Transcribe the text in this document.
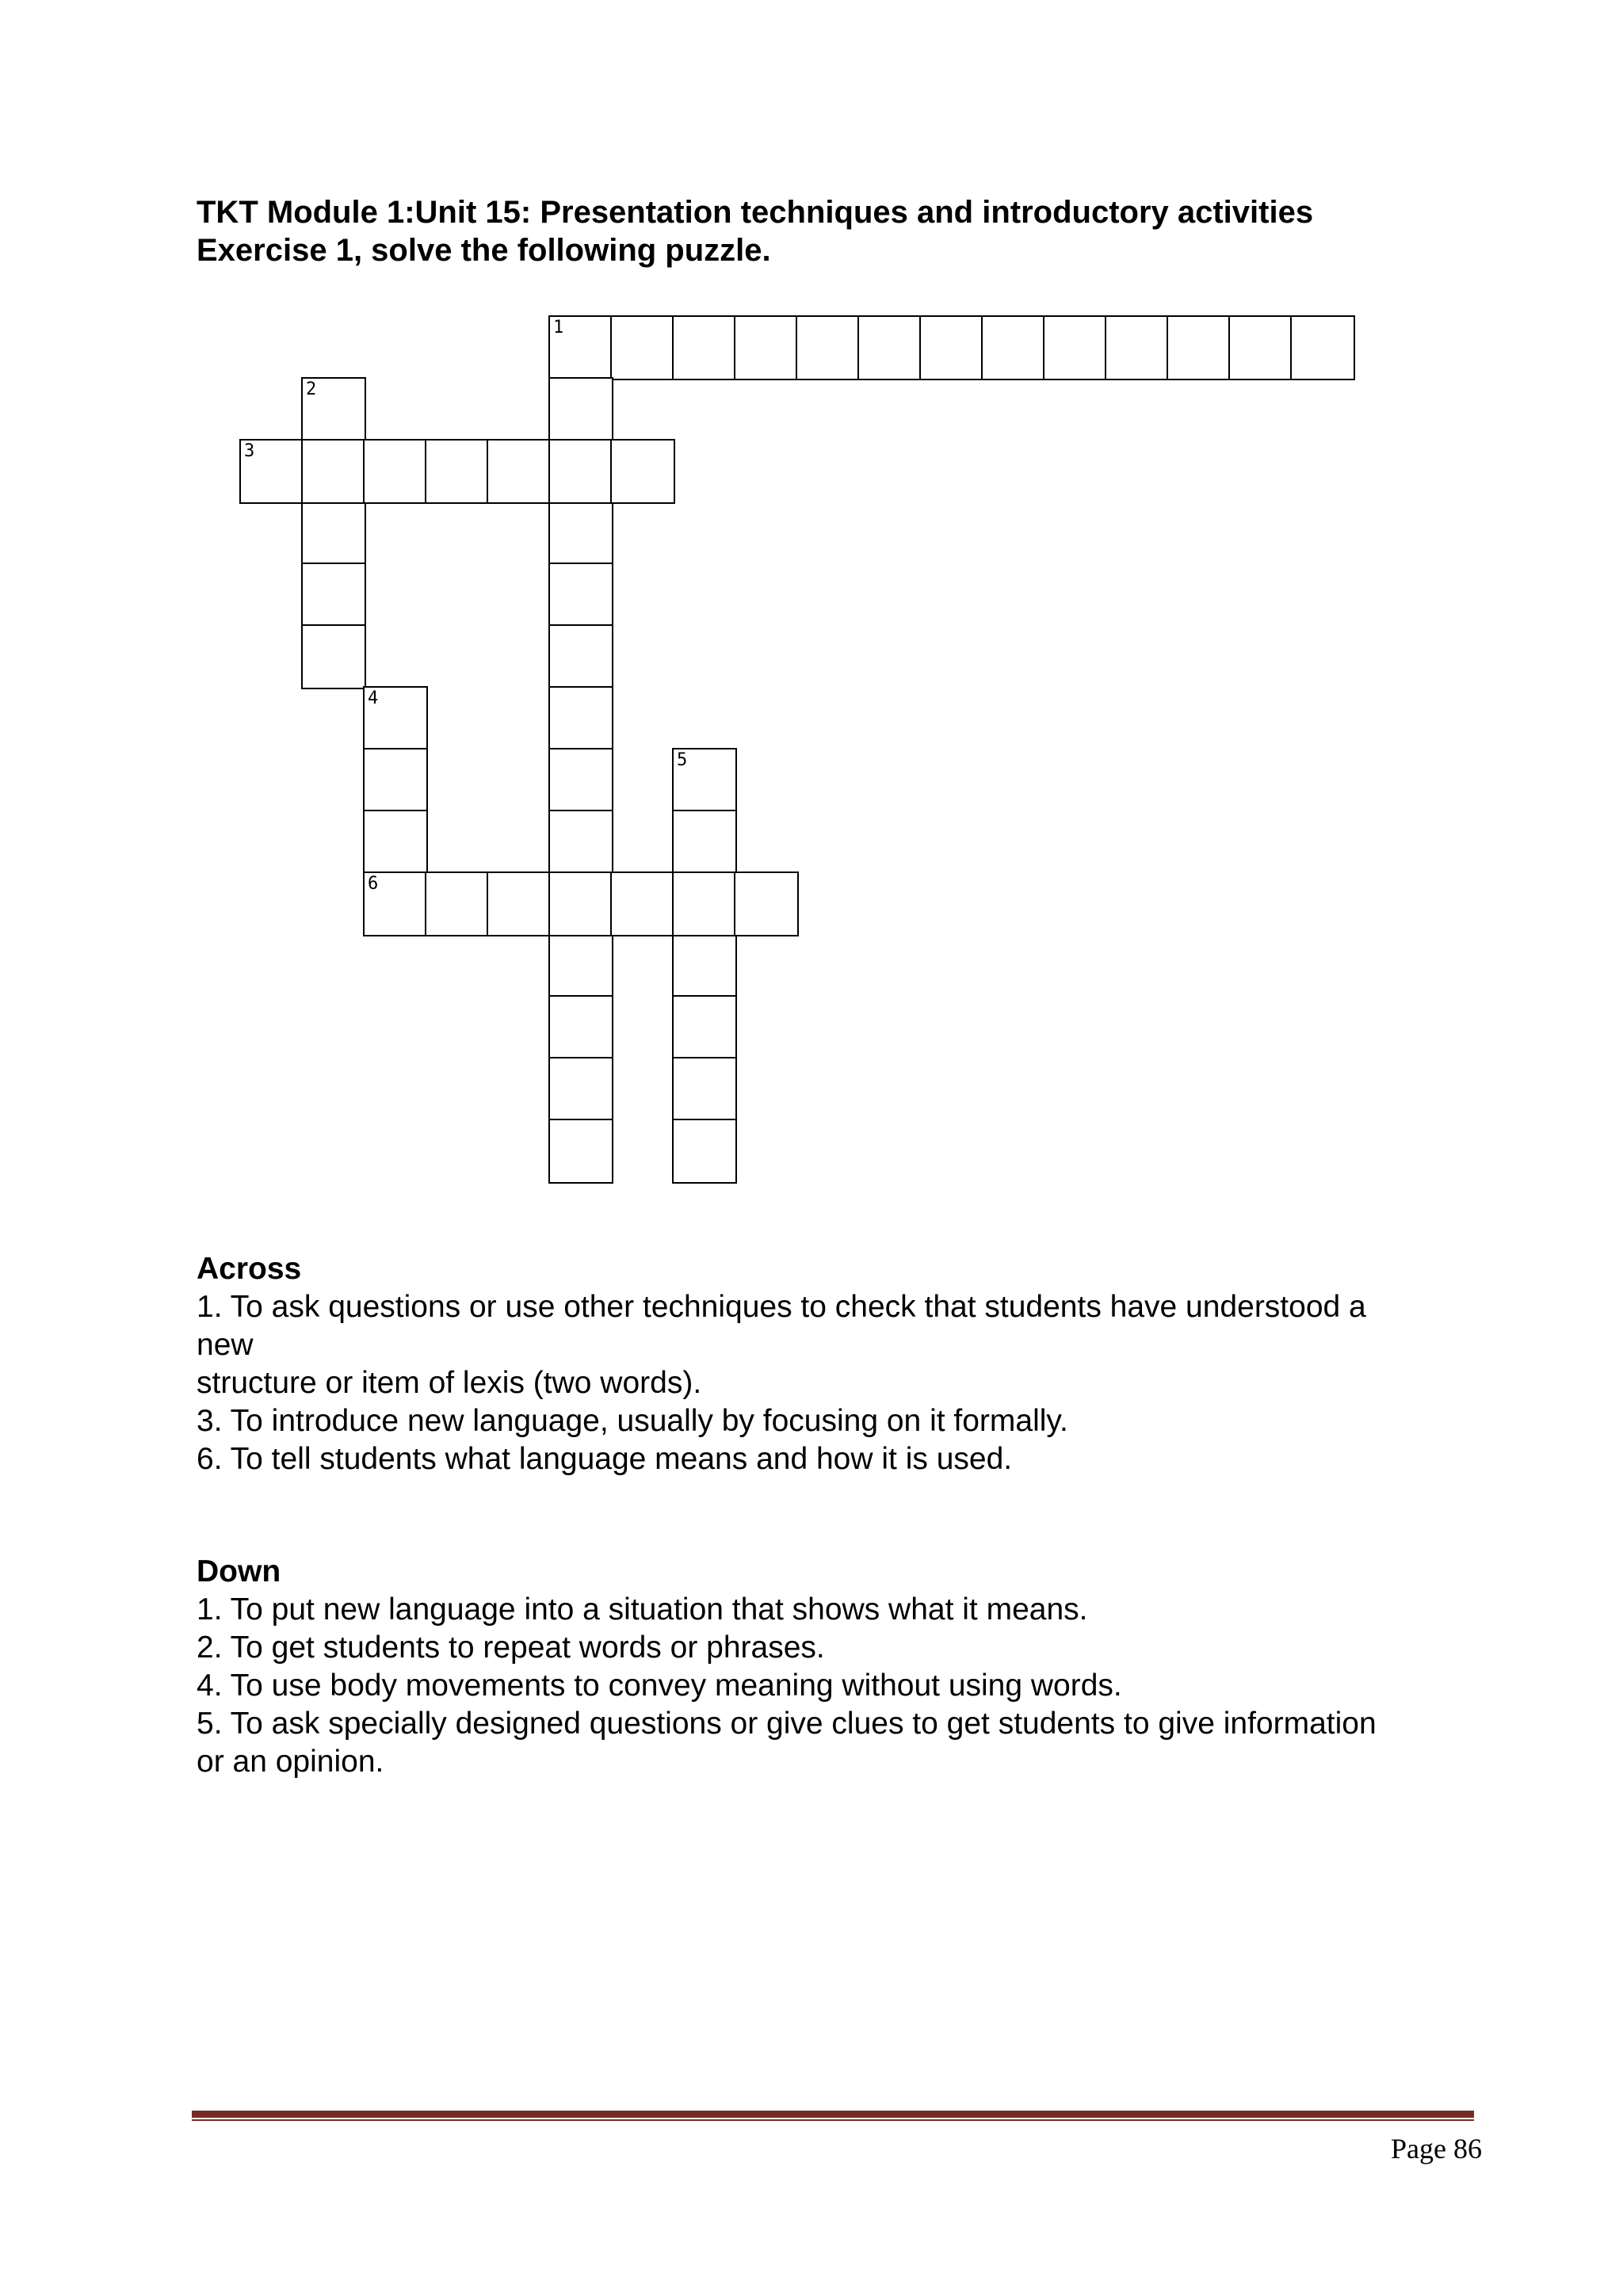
TKT Module 1:Unit 15: Presentation techniques and introductory activities
Exercise 1, solve the following puzzle.
1
2
3
4
5
6
Across
1. To ask questions or use other techniques to check that students have understood a
new
structure or item of lexis (two words).
3. To introduce new language, usually by focusing on it formally.
6. To tell students what language means and how it is used.
Down
1. To put new language into a situation that shows what it means.
2. To get students to repeat words or phrases.
4. To use body movements to convey meaning without using words.
5. To ask specially designed questions or give clues to get students to give information
or an opinion.
Page 86
